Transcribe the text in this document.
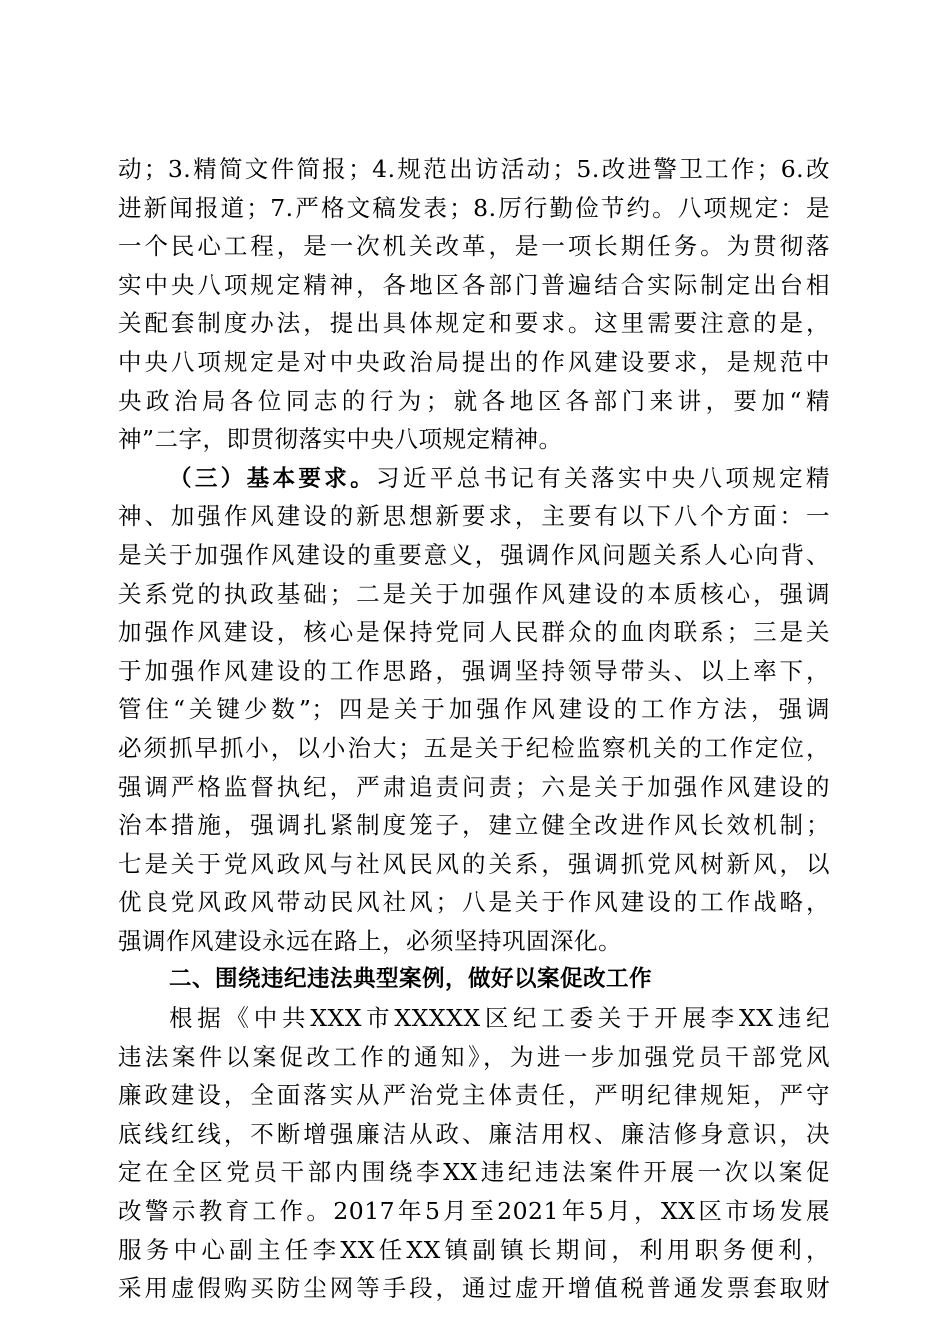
动；3.精简文件简报；4.规范出访活动；5.改进警卫工作；6.改
进新闻报道；7.严格文稿发表；8.厉行勤俭节约。八项规定：是
一个民心工程，是一次机关改革，是一项长期任务。为贯彻落
实中央八项规定精神，各地区各部门普遍结合实际制定出台相
关配套制度办法，提出具体规定和要求。这里需要注意的是，
中央八项规定是对中央政治局提出的作风建设要求，是规范中
央政治局各位同志的行为；就各地区各部门来讲，要加“精
神”二字，即贯彻落实中央八项规定精神。
（三）基本要求。习近平总书记有关落实中央八项规定精
神、加强作风建设的新思想新要求，主要有以下八个方面：一
是关于加强作风建设的重要意义，强调作风问题关系人心向背、
关系党的执政基础；二是关于加强作风建设的本质核心，强调
加强作风建设，核心是保持党同人民群众的血肉联系；三是关
于加强作风建设的工作思路，强调坚持领导带头、以上率下，
管住“关键少数”；四是关于加强作风建设的工作方法，强调
必须抓早抓小，以小治大；五是关于纪检监察机关的工作定位，
强调严格监督执纪，严肃追责问责；六是关于加强作风建设的
治本措施，强调扎紧制度笼子，建立健全改进作风长效机制；
七是关于党风政风与社风民风的关系，强调抓党风树新风，以
优良党风政风带动民风社风；八是关于作风建设的工作战略，
强调作风建设永远在路上，必须坚持巩固深化。
二、围绕违纪违法典型案例，做好以案促改工作
根据《中共XXX市XXXXX区纪工委关于开展李XX违纪
违法案件以案促改工作的通知》，为进一步加强党员干部党风
廉政建设，全面落实从严治党主体责任，严明纪律规矩，严守
底线红线，不断增强廉洁从政、廉洁用权、廉洁修身意识，决
定在全区党员干部内围绕李XX违纪违法案件开展一次以案促
改警示教育工作。2017年5月至2021年5月，XX区市场发展
服务中心副主任李XX任XX镇副镇长期间，利用职务便利，
采用虚假购买防尘网等手段，通过虚开增值税普通发票套取财
